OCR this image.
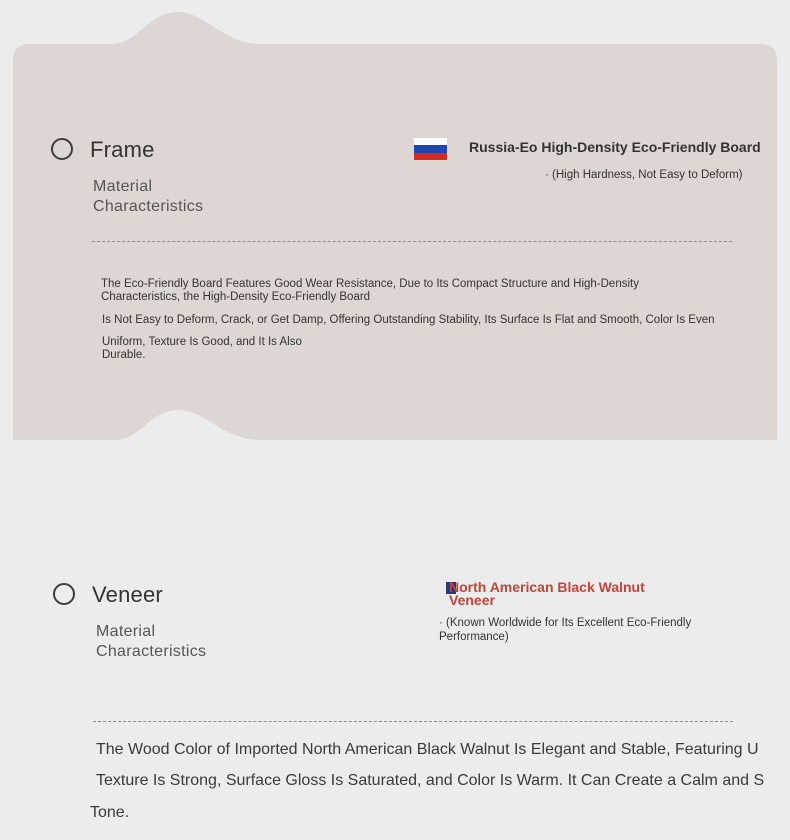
Frame
Material
Characteristics
Russia-Eo High-Density Eco-Friendly Board
· (High Hardness, Not Easy to Deform)
The Eco-Friendly Board Features Good Wear Resistance, Due to Its Compact Structure and High-Density Characteristics, the High-Density Eco-Friendly Board
Is Not Easy to Deform, Crack, or Get Damp, Offering Outstanding Stability, Its Surface Is Flat and Smooth, Color Is Even
Uniform, Texture Is Good, and It Is Also
Durable.
Veneer
Material
Characteristics
North American Black Walnut Veneer
· (Known Worldwide for Its Excellent Eco-Friendly Performance)
The Wood Color of Imported North American Black Walnut Is Elegant and Stable, Featuring U
Texture Is Strong, Surface Gloss Is Saturated, and Color Is Warm. It Can Create a Calm and S
Tone.
